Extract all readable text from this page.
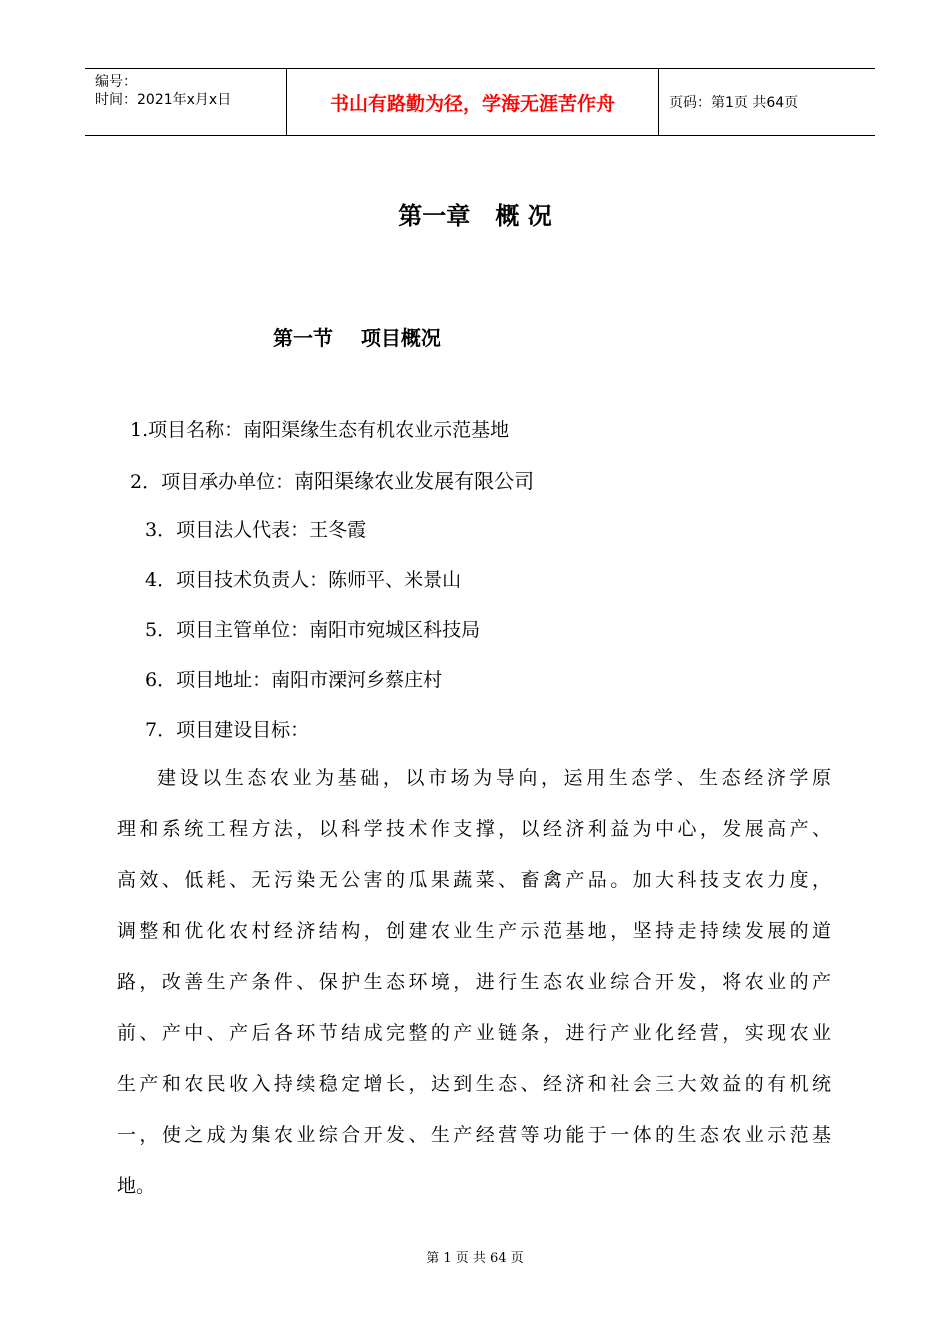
编号：
时间：2021年x月x日	书山有路勤为径，学海无涯苦作舟	页码：第1页 共64页
第一章   概 况
第一节    项目概况
1.项目名称：南阳渠缘生态有机农业示范基地
2．项目承办单位：南阳渠缘农业发展有限公司
3．项目法人代表：王冬霞
4．项目技术负责人：陈师平、米景山
5．项目主管单位：南阳市宛城区科技局
6．项目地址：南阳市溧河乡蔡庄村
7．项目建设目标：
建设以生态农业为基础，以市场为导向，运用生态学、生态经济学原
理和系统工程方法，以科学技术作支撑，以经济利益为中心，发展高产、
高效、低耗、无污染无公害的瓜果蔬菜、畜禽产品。加大科技支农力度，
调整和优化农村经济结构，创建农业生产示范基地，坚持走持续发展的道
路，改善生产条件、保护生态环境，进行生态农业综合开发，将农业的产
前、产中、产后各环节结成完整的产业链条，进行产业化经营，实现农业
生产和农民收入持续稳定增长，达到生态、经济和社会三大效益的有机统
一，使之成为集农业综合开发、生产经营等功能于一体的生态农业示范基
地。
第 1 页 共 64 页
